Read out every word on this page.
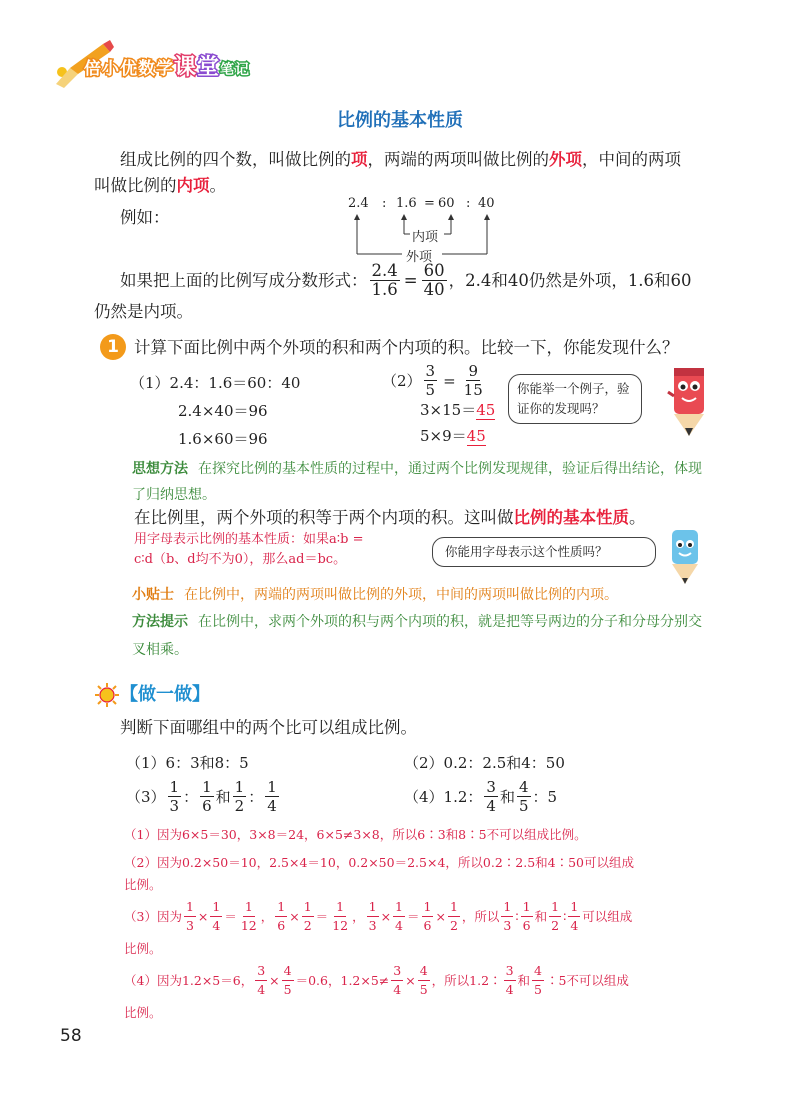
倍小优数学课堂笔记
比例的基本性质
组成比例的四个数，叫做比例的项，两端的两项叫做比例的外项，中间的两项
叫做比例的内项。
例如：
2.4 : 1.6 = 60 : 40
内项
外项
如果把上面的比例写成分数形式： $\frac{2.4}{1.6} = \frac{60}{40}$ ，2.4和40仍然是外项，1.6和60
仍然是内项。
1 计算下面比例中两个外项的积和两个内项的积。比较一下，你能发现什么？
（1）2.4：1.6＝60：40
2.4×40＝96
1.6×60＝96
$(2) \frac{3}{5} = \frac{9}{15}$
3×15＝45
5×9＝45
你能举一个例子，验证你的发现吗？
思想方法 在探究比例的基本性质的过程中，通过两个比例发现规律，验证后得出结论，体现了归纳思想。
在比例里，两个外项的积等于两个内项的积。这叫做比例的基本性质。
用字母表示比例的基本性质：如果a∶b =
c∶d（b、d均不为0），那么ad＝bc。
你能用字母表示这个性质吗？
小贴士 在比例中，两端的两项叫做比例的外项，中间的两项叫做比例的内项。
方法提示 在比例中，求两个外项的积与两个内项的积，就是把等号两边的分子和分母分别交叉相乘。
【做一做】
判断下面哪组中的两个比可以组成比例。
（1）6：3和8：5	（2）0.2：2.5和4：50
$(3) \frac{1}{3}$ ： $\frac{1}{6}$ 和 $\frac{1}{2}$ ： $\frac{1}{4}$	（4）1.2： $\frac{3}{4}$ 和 $\frac{4}{5}$ ：5
（1）因为6×5＝30，3×8＝24，6×5≠3×8，所以6∶3和8∶5不可以组成比例。
（2）因为0.2×50＝10，2.5×4＝10，0.2×50＝2.5×4，所以0.2∶2.5和4∶50可以组成
比例。
（3）因为 $\frac{1}{3} \times \frac{1}{4} = \frac{1}{12}$ ， $\frac{1}{6} \times \frac{1}{2} = \frac{1}{12}$ ， $\frac{1}{3} \times \frac{1}{4} = \frac{1}{6} \times \frac{1}{2}$ ，所以 $\frac{1}{3}$ ∶ $\frac{1}{6}$ 和 $\frac{1}{2}$ ∶ $\frac{1}{4}$ 可以组成
比例。
（4）因为1.2×5＝6， $\frac{3}{4} \times \frac{4}{5} =0.6$，$1.2\times 5\ne \frac{3}{4} \times \frac{4}{5}$ ，所以1.2∶ $\frac{3}{4}$ 和 $\frac{4}{5}$ ∶5不可以组成
比例。
58
